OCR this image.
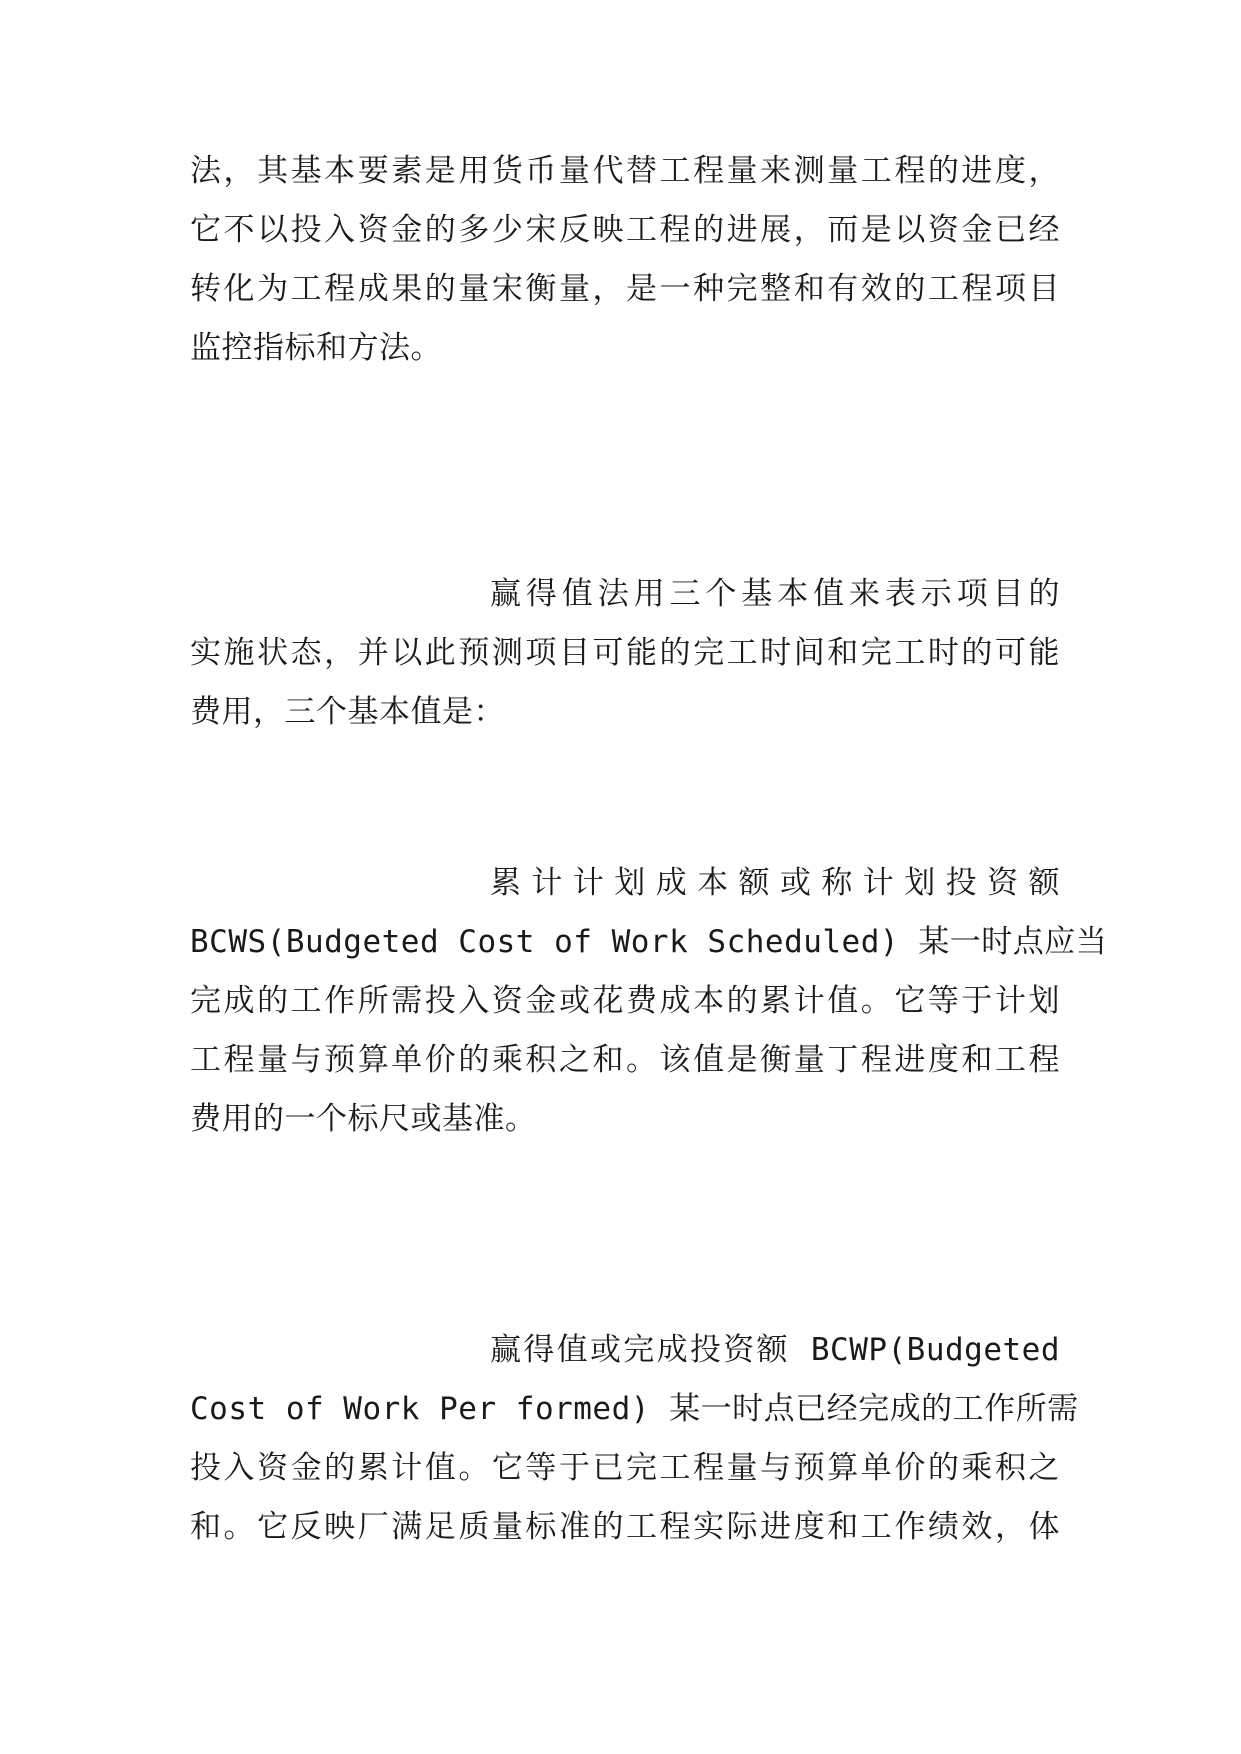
法，其基本要素是用货币量代替工程量来测量工程的进度，

它不以投入资金的多少宋反映工程的进展，而是以资金已经

转化为工程成果的量宋衡量，是一种完整和有效的工程项目

监控指标和方法。

赢得值法用三个基本值来表示项目的

实施状态，并以此预测项目可能的完工时间和完工时的可能

费用，三个基本值是：

累计计划成本额或称计划投资额

BCWS(Budgeted Cost of Work Scheduled) 某一时点应当

完成的工作所需投入资金或花费成本的累计值。它等于计划

工程量与预算单价的乘积之和。该值是衡量丁程进度和工程

费用的一个标尺或基准。

赢得值或完成投资额 BCWP(Budgeted

Cost of Work Per formed) 某一时点已经完成的工作所需

投入资金的累计值。它等于已完工程量与预算单价的乘积之

和。它反映厂满足质量标准的工程实际进度和工作绩效，体
